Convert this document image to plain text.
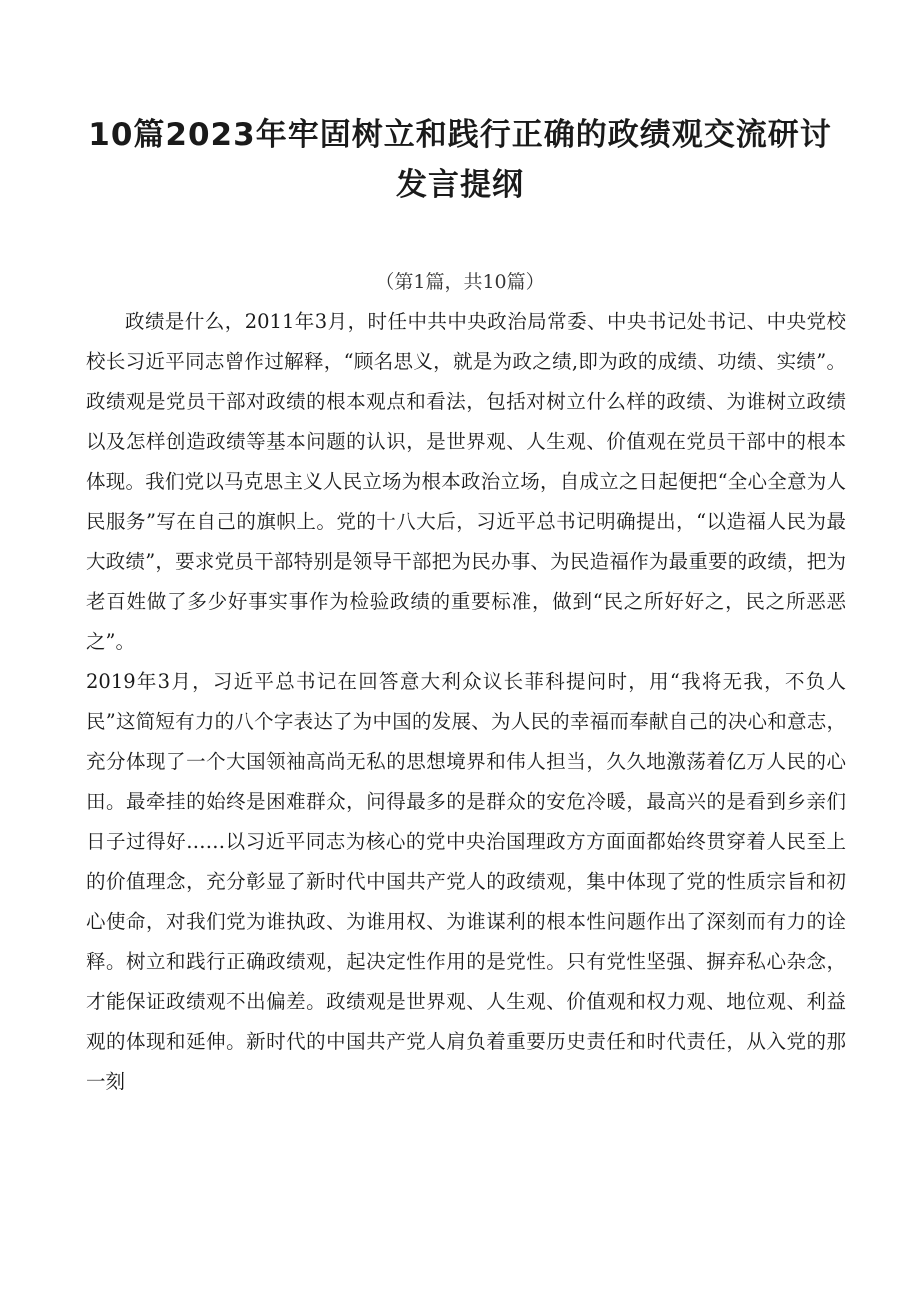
10篇2023年牢固树立和践行正确的政绩观交流研讨
发言提纲
（第1篇，共10篇）

政绩是什么，2011年3月，时任中共中央政治局常委、中央书记处书记、中央党校校长习近平同志曾作过解释，“顾名思义，就是为政之绩,即为政的成绩、功绩、实绩”。政绩观是党员干部对政绩的根本观点和看法，包括对树立什么样的政绩、为谁树立政绩以及怎样创造政绩等基本问题的认识，是世界观、人生观、价值观在党员干部中的根本体现。我们党以马克思主义人民立场为根本政治立场，自成立之日起便把“全心全意为人民服务”写在自己的旗帜上。党的十八大后，习近平总书记明确提出，“以造福人民为最大政绩”，要求党员干部特别是领导干部把为民办事、为民造福作为最重要的政绩，把为老百姓做了多少好事实事作为检验政绩的重要标准，做到“民之所好好之，民之所恶恶之”。

2019年3月，习近平总书记在回答意大利众议长菲科提问时，用“我将无我，不负人民”这简短有力的八个字表达了为中国的发展、为人民的幸福而奉献自己的决心和意志，充分体现了一个大国领袖高尚无私的思想境界和伟人担当，久久地激荡着亿万人民的心田。最牵挂的始终是困难群众，问得最多的是群众的安危冷暖，最高兴的是看到乡亲们日子过得好……以习近平同志为核心的党中央治国理政方方面面都始终贯穿着人民至上的价值理念，充分彰显了新时代中国共产党人的政绩观，集中体现了党的性质宗旨和初心使命，对我们党为谁执政、为谁用权、为谁谋利的根本性问题作出了深刻而有力的诠释。树立和践行正确政绩观，起决定性作用的是党性。只有党性坚强、摒弃私心杂念，才能保证政绩观不出偏差。政绩观是世界观、人生观、价值观和权力观、地位观、利益观的体现和延伸。新时代的中国共产党人肩负着重要历史责任和时代责任，从入党的那一刻
